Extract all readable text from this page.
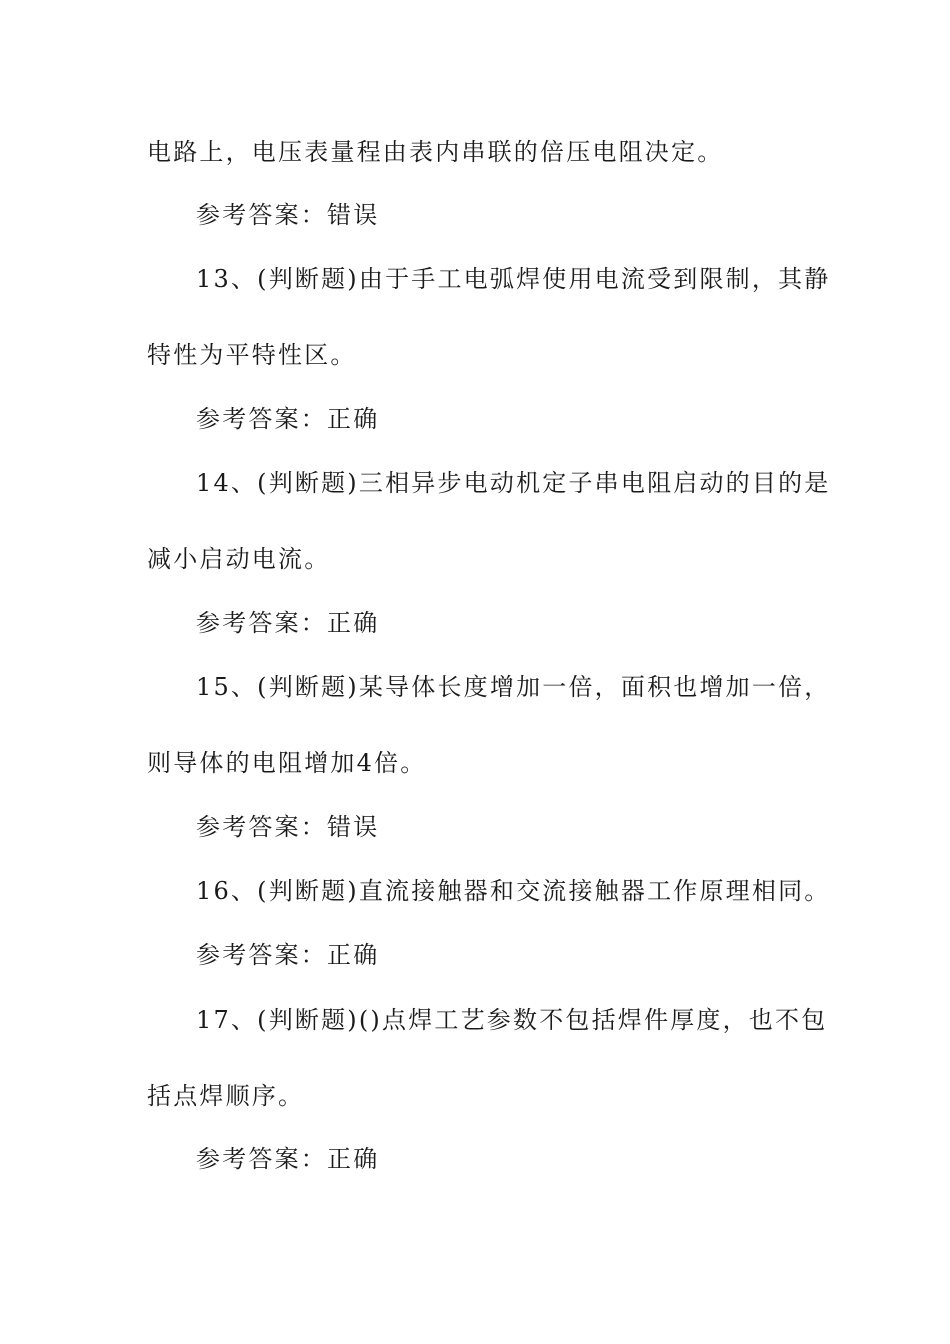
电路上，电压表量程由表内串联的倍压电阻决定。
参考答案：错误
13、(判断题)由于手工电弧焊使用电流受到限制，其静
特性为平特性区。
参考答案：正确
14、(判断题)三相异步电动机定子串电阻启动的目的是
减小启动电流。
参考答案：正确
15、(判断题)某导体长度增加一倍，面积也增加一倍，
则导体的电阻增加4倍。
参考答案：错误
16、(判断题)直流接触器和交流接触器工作原理相同。
参考答案：正确
17、(判断题)()点焊工艺参数不包括焊件厚度，也不包
括点焊顺序。
参考答案：正确
